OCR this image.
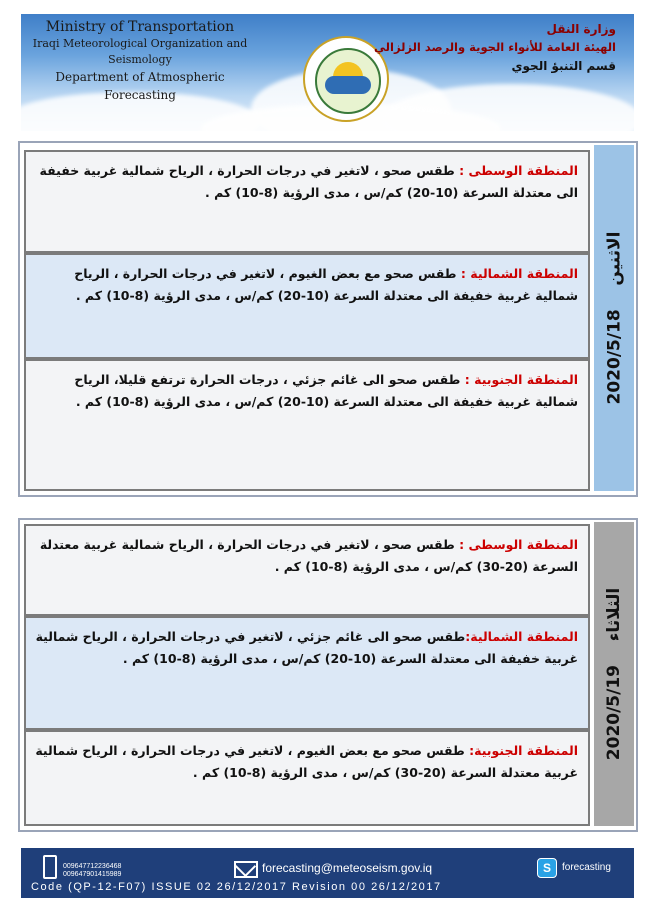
Ministry of Transportation
Iraqi Meteorological Organization and Seismology
Department of Atmospheric Forecasting
وزارة النقل
الهيئة العامة للأنواء الجوية والرصد الزلزالي
قسم التنبؤ الجوي

المنطقة الوسطى : طقس صحو ، لاتغير في درجات الحرارة ، الرياح شمالية غربية خفيفة الى معتدلة السرعة (10-20) كم/س ، مدى الرؤية (8-10) كم .

المنطقة الشمالية : طقس صحو مع بعض الغيوم ، لاتغير في درجات الحرارة ، الرياح شمالية غربية خفيفة الى معتدلة السرعة (10-20) كم/س ، مدى الرؤية (8-10) كم .

المنطقة الجنوبية : طقس صحو الى غائم جزئي ، درجات الحرارة ترتفع قليلا، الرياح شمالية غربية خفيفة الى معتدلة السرعة (10-20) كم/س ، مدى الرؤية (8-10) كم .

الاثنين    2020/5/18

المنطقة الوسطى : طقس صحو ، لاتغير في درجات الحرارة ، الرياح شمالية غربية معتدلة السرعة (20-30) كم/س ، مدى الرؤية (8-10) كم .

المنطقة الشمالية:طقس صحو الى غائم جزئي ، لاتغير في درجات الحرارة ، الرياح شمالية غربية خفيفة الى معتدلة السرعة (10-20) كم/س ، مدى الرؤية (8-10) كم .

المنطقة الجنوبية: طقس صحو مع بعض الغيوم ، لاتغير في درجات الحرارة ، الرياح شمالية غربية معتدلة السرعة (20-30) كم/س ، مدى الرؤية (8-10) كم .

الثلاثاء    2020/5/19
009647712236468
009647901415989	forecasting@meteoseism.gov.iq	S	forecasting
Code (QP-12-F07) ISSUE 02 26/12/2017 Revision 00 26/12/2017
